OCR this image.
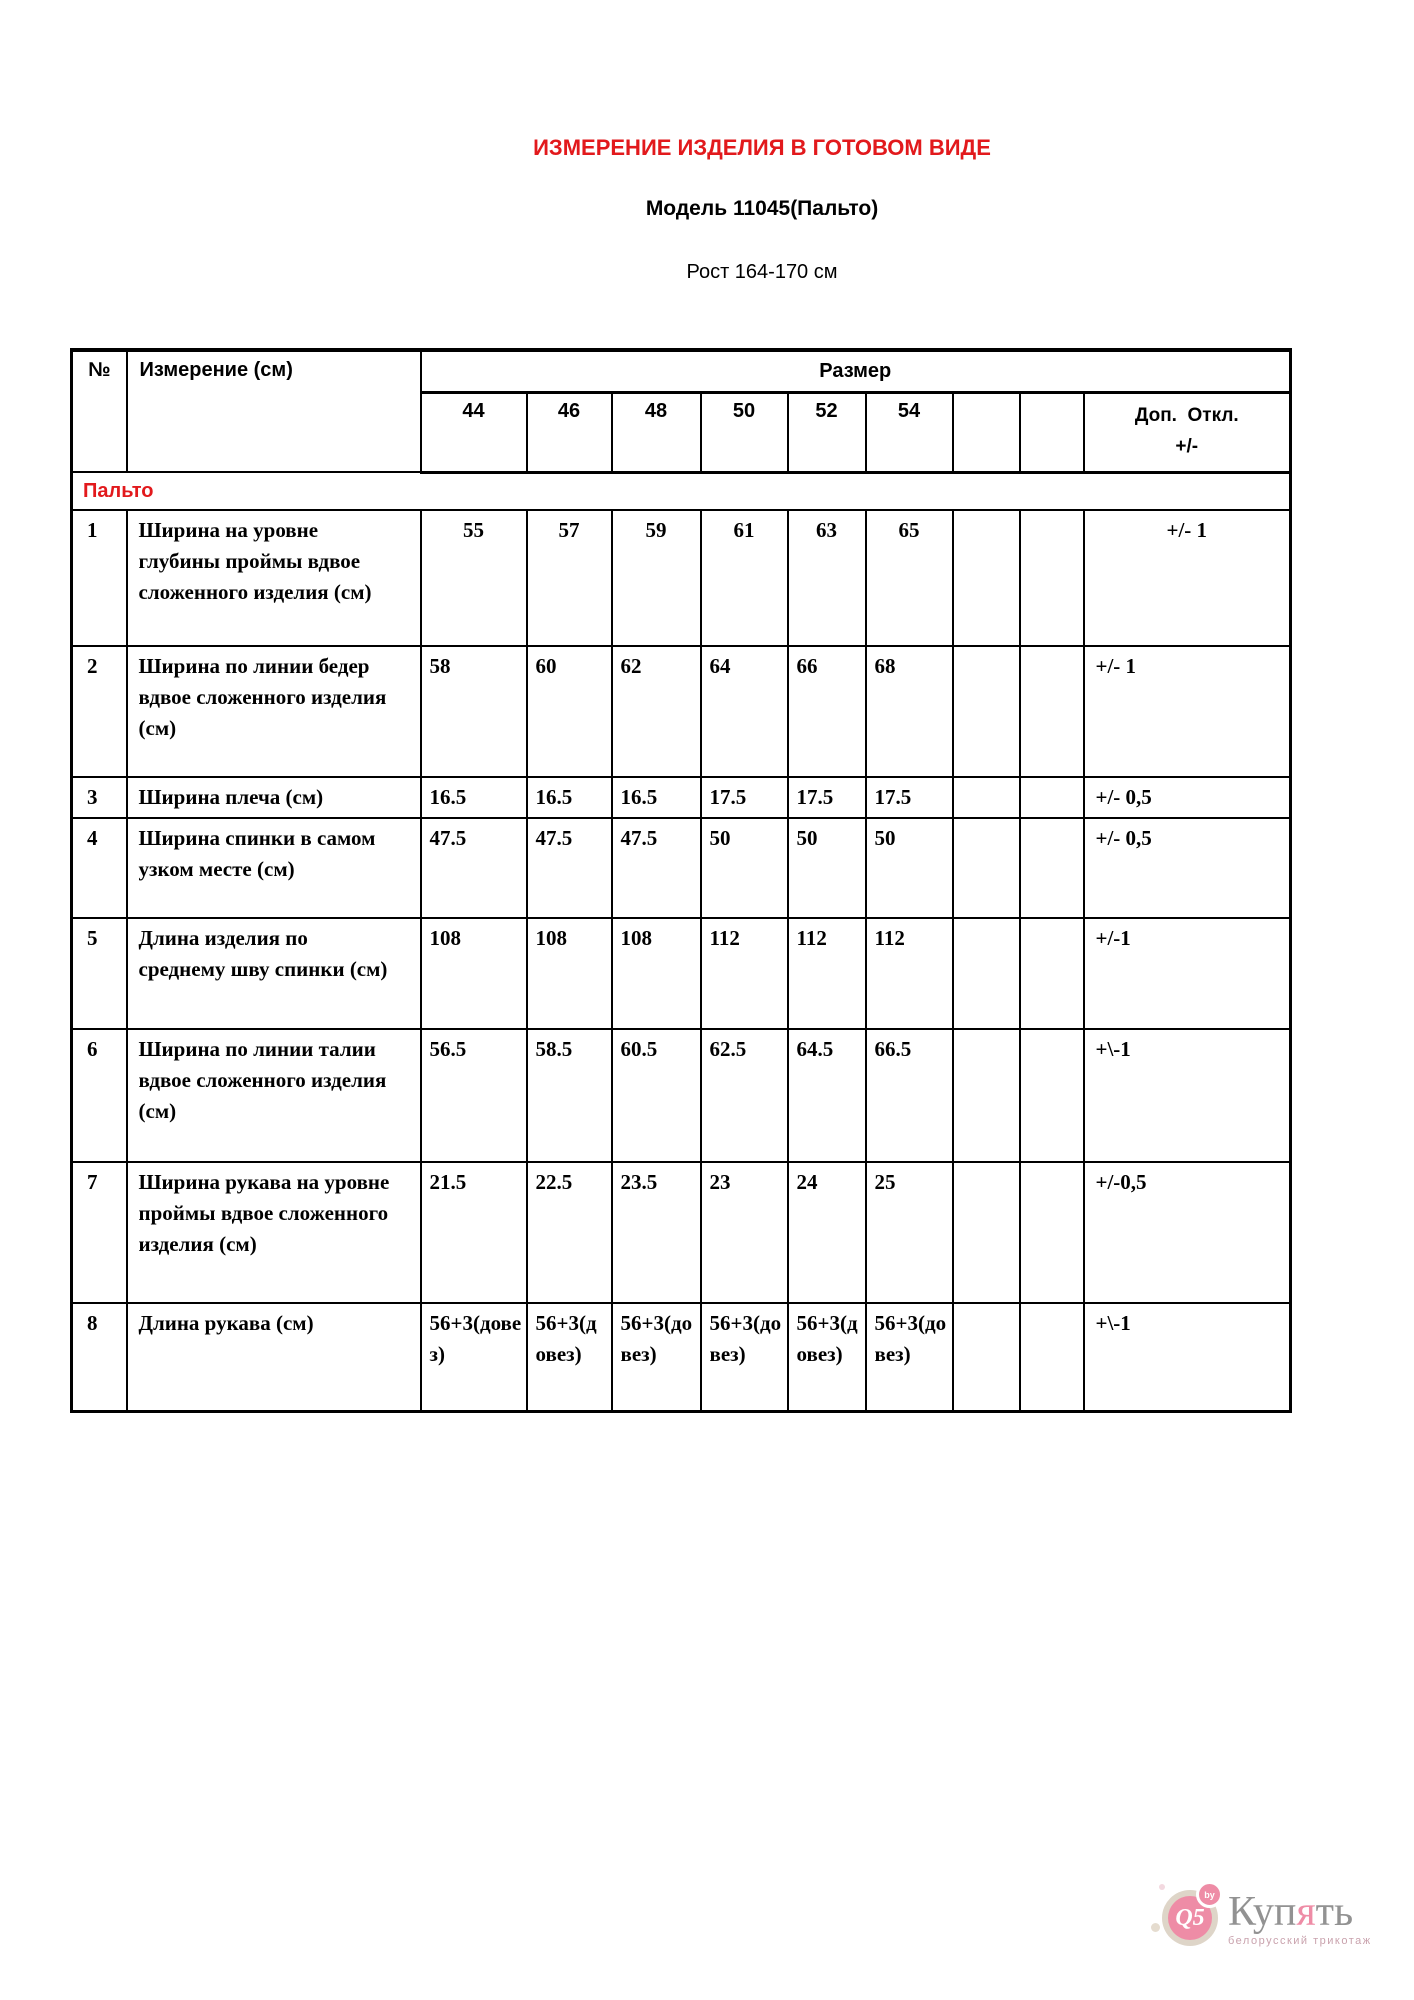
ИЗМЕРЕНИЕ ИЗДЕЛИЯ В ГОТОВОМ ВИДЕ
Модель 11045(Пальто)
Рост 164-170 см
№	Измерение (см)	Размер								
		44	46	48	50	52	54			Доп.  Откл.
+/-

Пальто										
1	Ширина на уровне глубины проймы вдвое сложенного изделия (см)	55	57	59	61	63	65			+/- 1
2	Ширина по линии бедер вдвое сложенного изделия (см)	58	60	62	64	66	68			+/- 1
3	Ширина плеча (см)	16.5	16.5	16.5	17.5	17.5	17.5			+/- 0,5
4	Ширина спинки в самом узком месте (см)	47.5	47.5	47.5	50	50	50			+/- 0,5
5	Длина изделия по среднему шву спинки (см)	108	108	108	112	112	112			+/-1
6	Ширина по линии талии вдвое сложенного изделия (см)	56.5	58.5	60.5	62.5	64.5	66.5			+\-1
7	Ширина рукава на уровне проймы вдвое сложенного изделия (см)	21.5	22.5	23.5	23	24	25			+/-0,5
8	Длина рукава (см)	56+3(довез)	56+3(довез)	56+3(довез)	56+3(довез)	56+3(довез)	56+3(довез)			+\-1
Q5
by Купять
белорусский трикотаж
